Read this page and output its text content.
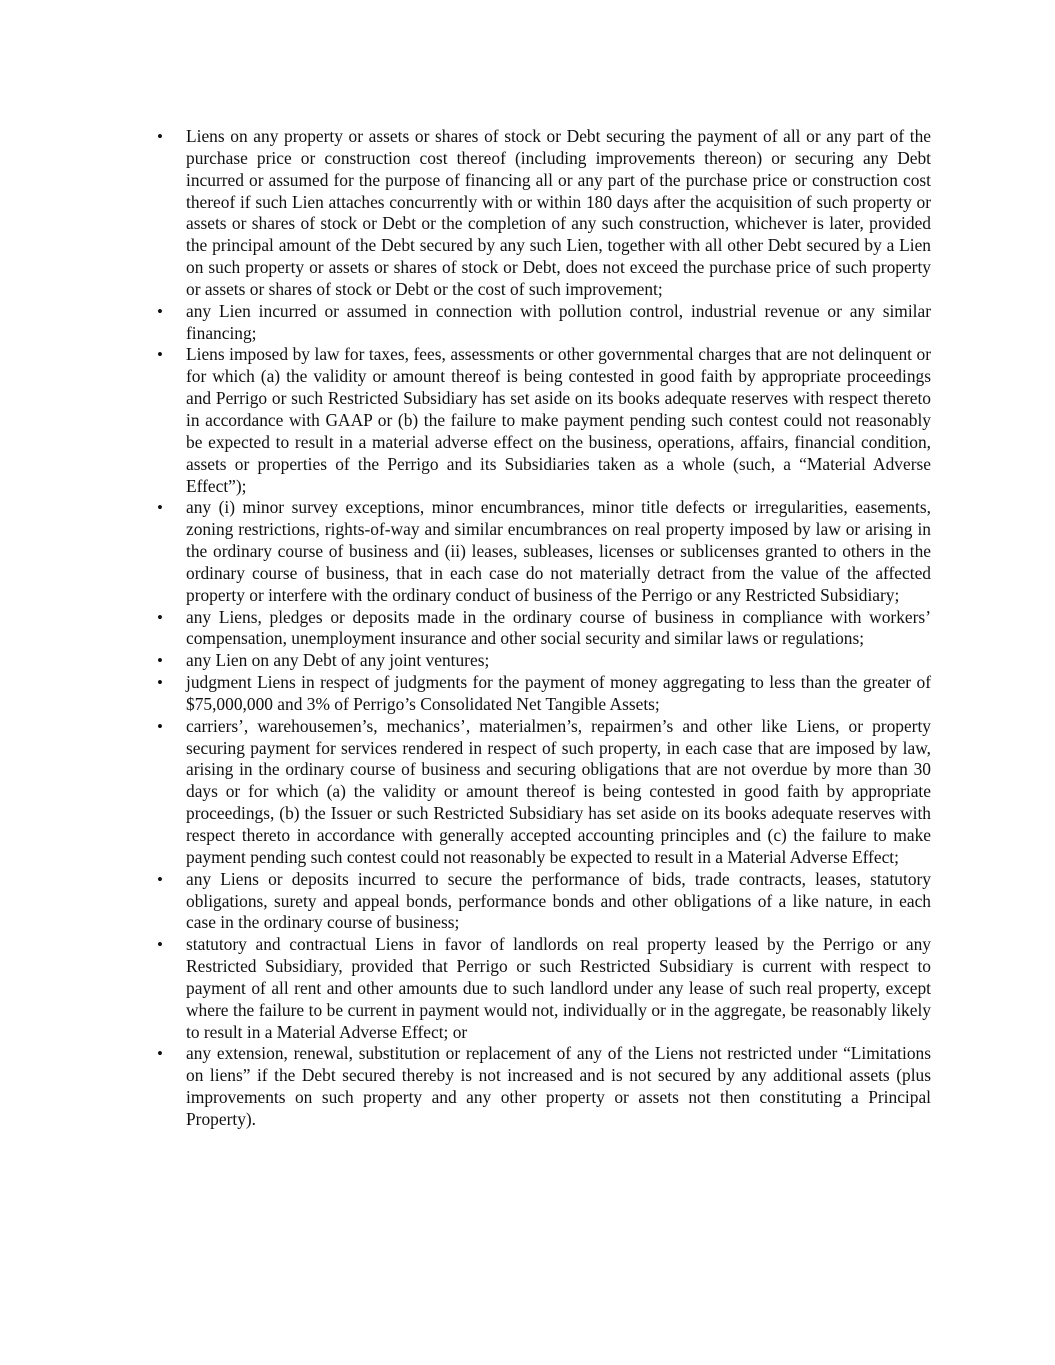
•	Liens on any property or assets or shares of stock or Debt securing the payment of all or any part of the purchase price or construction cost thereof (including improvements thereon) or securing any Debt incurred or assumed for the purpose of financing all or any part of the purchase price or construction cost thereof if such Lien attaches concurrently with or within 180 days after the acquisition of such property or assets or shares of stock or Debt or the completion of any such construction, whichever is later, provided the principal amount of the Debt secured by any such Lien, together with all other Debt secured by a Lien on such property or assets or shares of stock or Debt, does not exceed the purchase price of such property or assets or shares of stock or Debt or the cost of such improvement;
•	any Lien incurred or assumed in connection with pollution control, industrial revenue or any similar financing;
•	Liens imposed by law for taxes, fees, assessments or other governmental charges that are not delinquent or for which (a) the validity or amount thereof is being contested in good faith by appropriate proceedings and Perrigo or such Restricted Subsidiary has set aside on its books adequate reserves with respect thereto in accordance with GAAP or (b) the failure to make payment pending such contest could not reasonably be expected to result in a material adverse effect on the business, operations, affairs, financial condition, assets or properties of the Perrigo and its Subsidiaries taken as a whole (such, a “Material Adverse Effect”);
•	any (i) minor survey exceptions, minor encumbrances, minor title defects or irregularities, easements, zoning restrictions, rights-of-way and similar encumbrances on real property imposed by law or arising in the ordinary course of business and (ii) leases, subleases, licenses or sublicenses granted to others in the ordinary course of business, that in each case do not materially detract from the value of the affected property or interfere with the ordinary conduct of business of the Perrigo or any Restricted Subsidiary;
•	any Liens, pledges or deposits made in the ordinary course of business in compliance with workers’ compensation, unemployment insurance and other social security and similar laws or regulations;
•	any Lien on any Debt of any joint ventures;
•	judgment Liens in respect of judgments for the payment of money aggregating to less than the greater of $75,000,000 and 3% of Perrigo’s Consolidated Net Tangible Assets;
•	carriers’, warehousemen’s, mechanics’, materialmen’s, repairmen’s and other like Liens, or property securing payment for services rendered in respect of such property, in each case that are imposed by law, arising in the ordinary course of business and securing obligations that are not overdue by more than 30 days or for which (a) the validity or amount thereof is being contested in good faith by appropriate proceedings, (b) the Issuer or such Restricted Subsidiary has set aside on its books adequate reserves with respect thereto in accordance with generally accepted accounting principles and (c) the failure to make payment pending such contest could not reasonably be expected to result in a Material Adverse Effect;
•	any Liens or deposits incurred to secure the performance of bids, trade contracts, leases, statutory obligations, surety and appeal bonds, performance bonds and other obligations of a like nature, in each case in the ordinary course of business;
•	statutory and contractual Liens in favor of landlords on real property leased by the Perrigo or any Restricted Subsidiary, provided that Perrigo or such Restricted Subsidiary is current with respect to payment of all rent and other amounts due to such landlord under any lease of such real property, except where the failure to be current in payment would not, individually or in the aggregate, be reasonably likely to result in a Material Adverse Effect; or
•	any extension, renewal, substitution or replacement of any of the Liens not restricted under “Limitations on liens” if the Debt secured thereby is not increased and is not secured by any additional assets (plus improvements on such property and any other property or assets not then constituting a Principal Property).
